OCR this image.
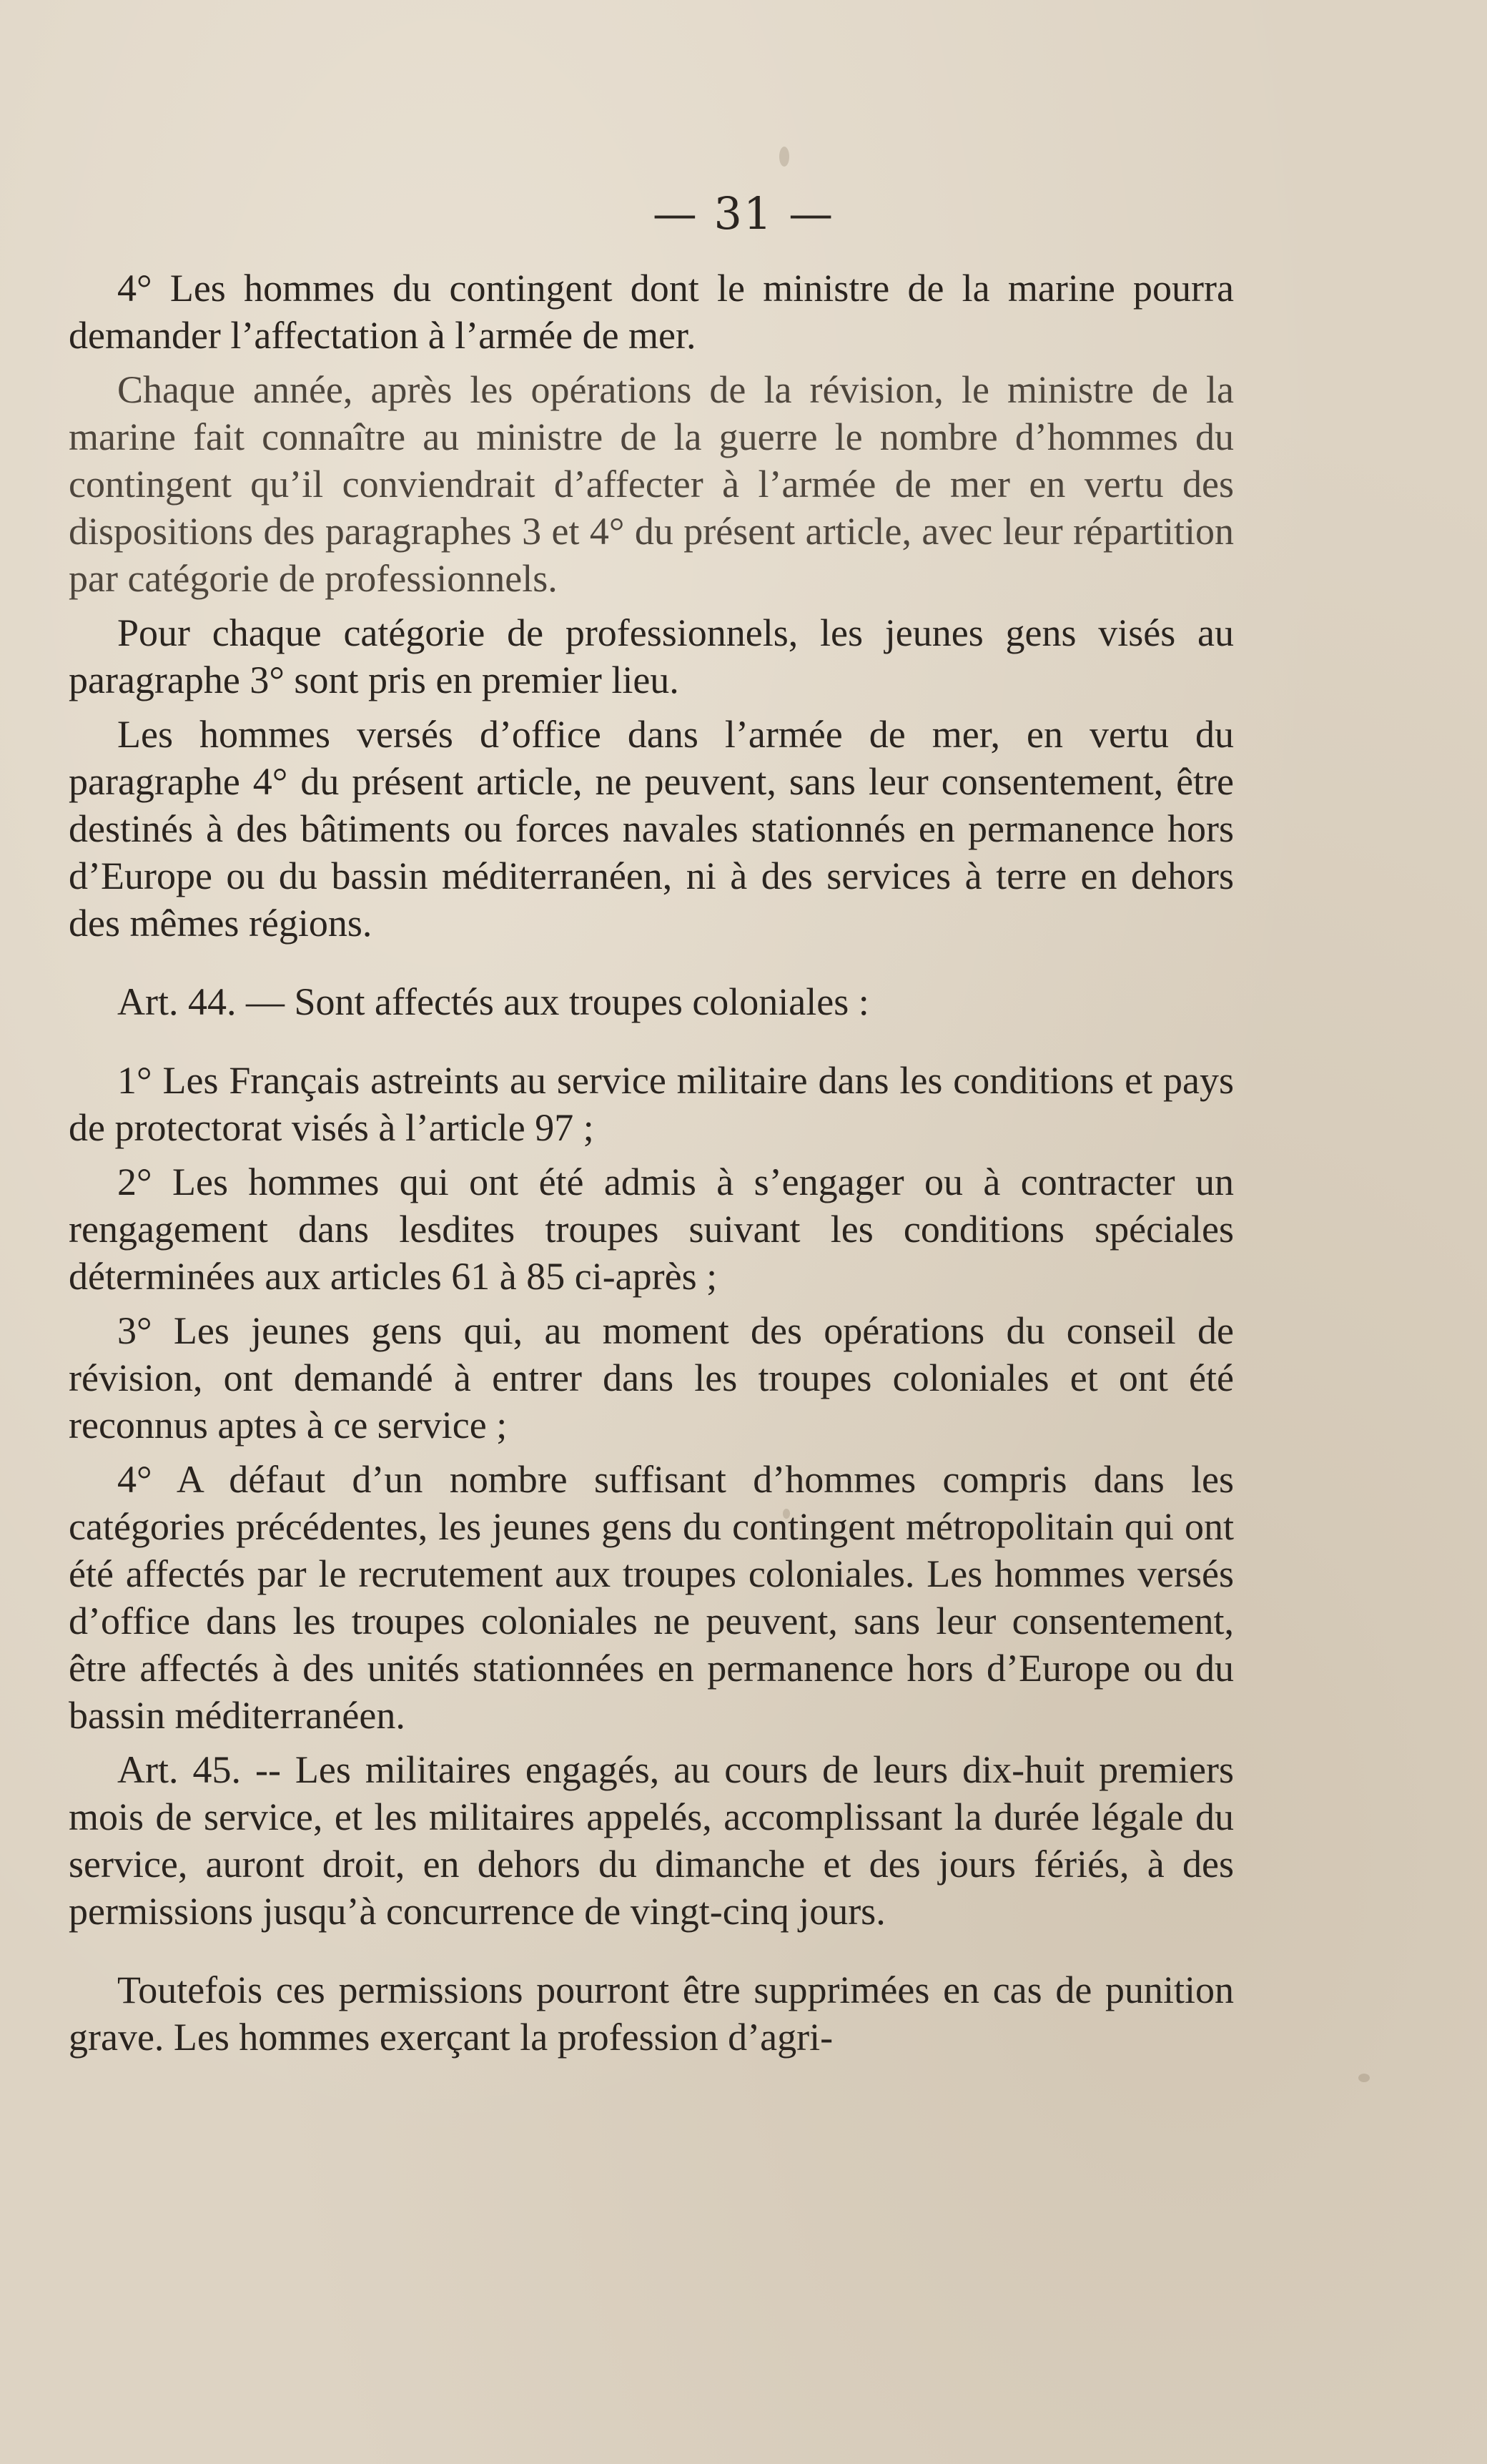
— 31 —

4° Les hommes du contingent dont le ministre de la marine pourra demander l’affectation à l’armée de mer.

Chaque année, après les opérations de la révision, le ministre de la marine fait connaître au ministre de la guerre le nombre d’hommes du contingent qu’il conviendrait d’affecter à l’armée de mer en vertu des dispositions des paragraphes 3 et 4° du présent article, avec leur répartition par catégorie de professionnels.

Pour chaque catégorie de professionnels, les jeunes gens visés au paragraphe 3° sont pris en premier lieu.

Les hommes versés d’office dans l’armée de mer, en vertu du paragraphe 4° du présent article, ne peuvent, sans leur consentement, être destinés à des bâtiments ou forces navales stationnés en permanence hors d’Europe ou du bassin méditerranéen, ni à des services à terre en dehors des mêmes régions.

Art. 44. — Sont affectés aux troupes coloniales :

1° Les Français astreints au service militaire dans les conditions et pays de protectorat visés à l’article 97 ;

2° Les hommes qui ont été admis à s’engager ou à contracter un rengagement dans lesdites troupes suivant les conditions spéciales déterminées aux articles 61 à 85 ci-après ;

3° Les jeunes gens qui, au moment des opérations du conseil de révision, ont demandé à entrer dans les troupes coloniales et ont été reconnus aptes à ce service ;

4° A défaut d’un nombre suffisant d’hommes compris dans les catégories précédentes, les jeunes gens du contingent métropolitain qui ont été affectés par le recrutement aux troupes coloniales. Les hommes versés d’office dans les troupes coloniales ne peuvent, sans leur consentement, être affectés à des unités stationnées en permanence hors d’Europe ou du bassin méditerranéen.

Art. 45. -- Les militaires engagés, au cours de leurs dix-huit premiers mois de service, et les militaires appelés, accomplissant la durée légale du service, auront droit, en dehors du dimanche et des jours fériés, à des permissions jusqu’à concurrence de vingt-cinq jours.

Toutefois ces permissions pourront être supprimées en cas de punition grave. Les hommes exerçant la profession d’agri-
